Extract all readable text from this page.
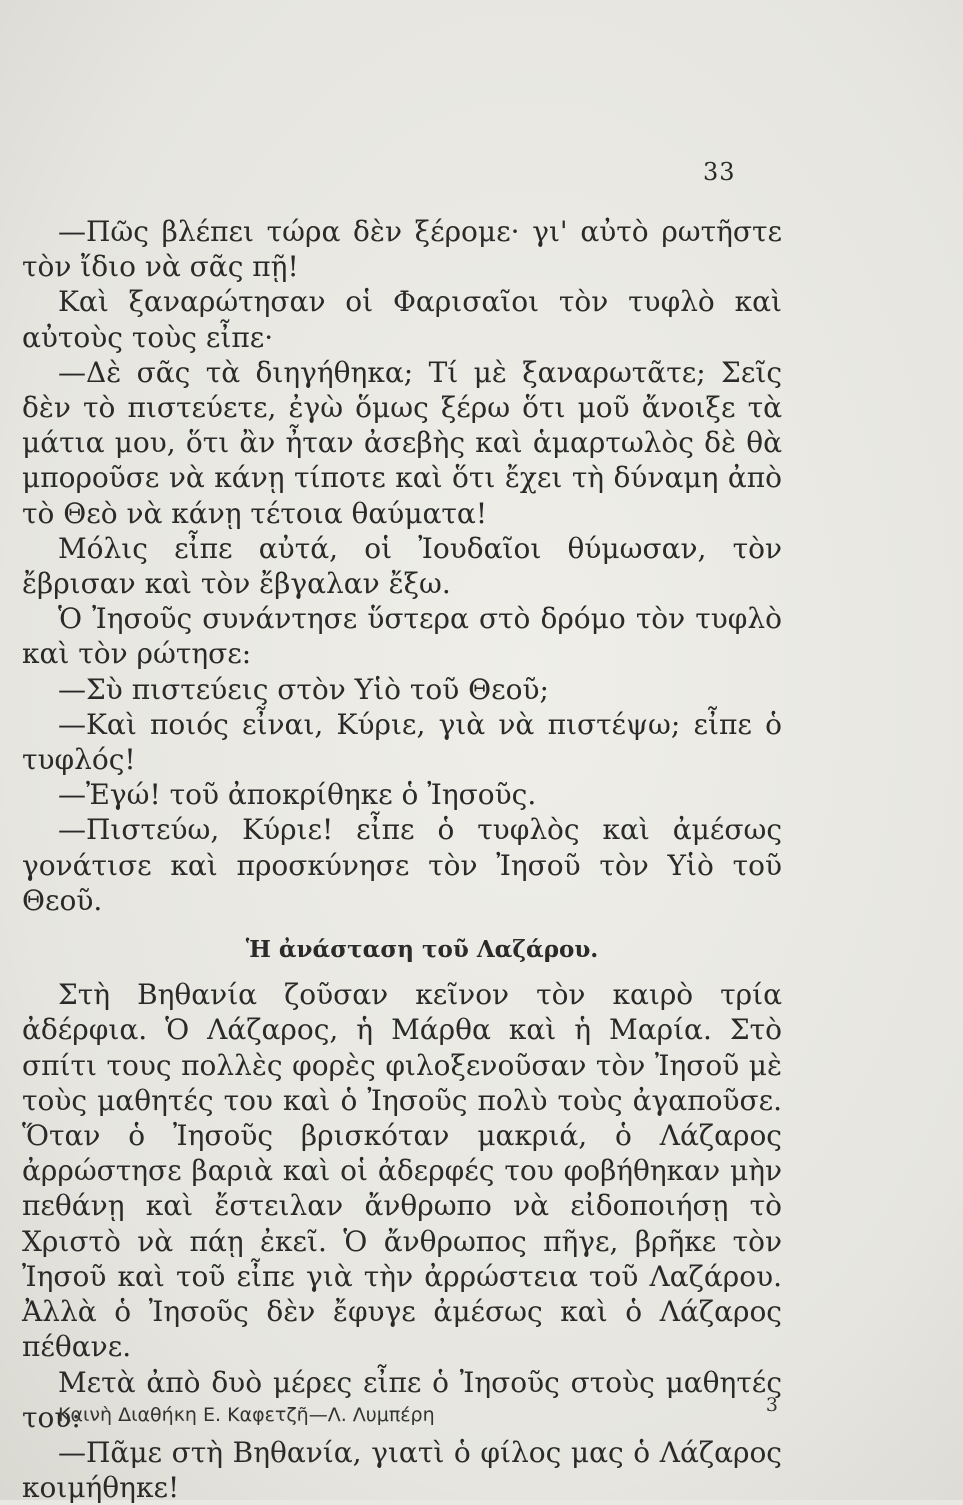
33

—Πῶς βλέπει τώρα δὲν ξέρομε· γι' αὐτὸ ρωτῆστε τὸν ἴδιο νὰ σᾶς πῇ!

Καὶ ξαναρώτησαν οἱ Φαρισαῖοι τὸν τυφλὸ καὶ αὐτοὺς τοὺς εἶπε·

—Δὲ σᾶς τὰ διηγήθηκα; Τί μὲ ξαναρωτᾶτε; Σεῖς δὲν τὸ πιστεύετε, ἐγὼ ὅμως ξέρω ὅτι μοῦ ἄνοιξε τὰ μάτια μου, ὅτι ἂν ἦταν ἀσεβὴς καὶ ἁμαρτωλὸς δὲ θὰ μποροῦσε νὰ κάνῃ τίποτε καὶ ὅτι ἔχει τὴ δύναμη ἀπὸ τὸ Θεὸ νὰ κάνῃ τέτοια θαύματα!

Μόλις εἶπε αὐτά, οἱ Ἰουδαῖοι θύμωσαν, τὸν ἔβρισαν καὶ τὸν ἔβγαλαν ἔξω.

Ὁ Ἰησοῦς συνάντησε ὕστερα στὸ δρόμο τὸν τυφλὸ καὶ τὸν ρώτησε:

—Σὺ πιστεύεις στὸν Υἱὸ τοῦ Θεοῦ;

—Καὶ ποιός εἶναι, Κύριε, γιὰ νὰ πιστέψω; εἶπε ὁ τυφλός!

—Ἐγώ! τοῦ ἀποκρίθηκε ὁ Ἰησοῦς.

—Πιστεύω, Κύριε! εἶπε ὁ τυφλὸς καὶ ἀμέσως γονάτισε καὶ προσκύνησε τὸν Ἰησοῦ τὸν Υἱὸ τοῦ Θεοῦ.

Ἡ ἀνάσταση τοῦ Λαζάρου.

Στὴ Βηθανία ζοῦσαν κεῖνον τὸν καιρὸ τρία ἀδέρφια. Ὁ Λάζαρος, ἡ Μάρθα καὶ ἡ Μαρία. Στὸ σπίτι τους πολλὲς φορὲς φιλοξενοῦσαν τὸν Ἰησοῦ μὲ τοὺς μαθητές του καὶ ὁ Ἰησοῦς πολὺ τοὺς ἀγαποῦσε. Ὅταν ὁ Ἰησοῦς βρισκόταν μακριά, ὁ Λάζαρος ἀρρώστησε βαριὰ καὶ οἱ ἀδερφές του φοβήθηκαν μὴν πεθάνῃ καὶ ἔστειλαν ἄνθρωπο νὰ εἰδοποιήσῃ τὸ Χριστὸ νὰ πάῃ ἐκεῖ. Ὁ ἄνθρωπος πῆγε, βρῆκε τὸν Ἰησοῦ καὶ τοῦ εἶπε γιὰ τὴν ἀρρώστεια τοῦ Λαζάρου. Ἀλλὰ ὁ Ἰησοῦς δὲν ἔφυγε ἀμέσως καὶ ὁ Λάζαρος πέθανε.

Μετὰ ἀπὸ δυὸ μέρες εἶπε ὁ Ἰησοῦς στοὺς μαθητές του:

—Πᾶμε στὴ Βηθανία, γιατὶ ὁ φίλος μας ὁ Λάζαρος κοιμήθηκε!

Καινὴ Διαθήκη Ε. Καφετζῆ—Λ. Λυμπέρη	3
